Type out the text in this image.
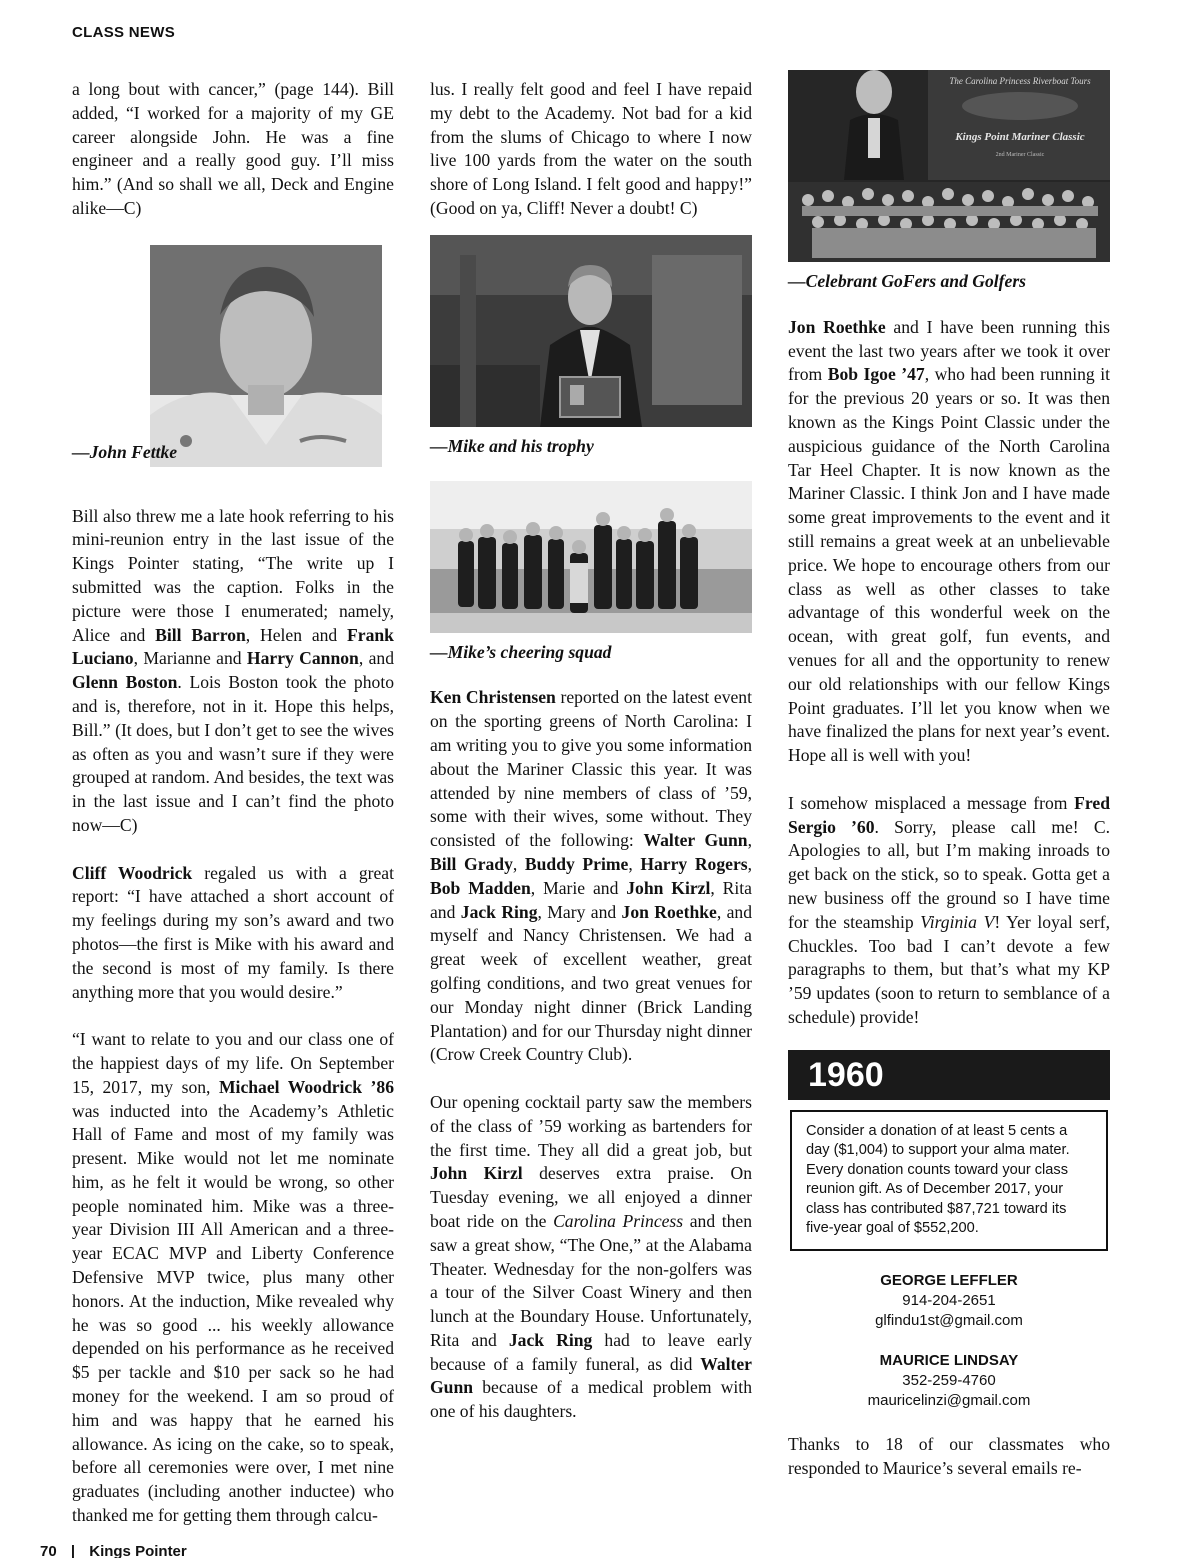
CLASS NEWS

a long bout with cancer,” (page 144). Bill added, “I worked for a majority of my GE career alongside John. He was a fine engineer and a really good guy. I’ll miss him.” (And so shall we all, Deck and Engine alike—C)

—John Fettke

Bill also threw me a late hook referring to his mini-reunion entry in the last issue of the Kings Pointer stating, “The write up I submitted was the caption. Folks in the picture were those I enumerated; namely, Alice and Bill Barron, Helen and Frank Luciano, Marianne and Harry Cannon, and Glenn Boston. Lois Boston took the photo and is, therefore, not in it. Hope this helps, Bill.” (It does, but I don’t get to see the wives as often as you and wasn’t sure if they were grouped at random. And besides, the text was in the last issue and I can’t find the photo now—C)

Cliff Woodrick regaled us with a great report: “I have attached a short account of my feelings during my son’s award and two photos—the first is Mike with his award and the second is most of my family. Is there anything more that you would desire.”

“I want to relate to you and our class one of the happiest days of my life. On September 15, 2017, my son, Michael Woodrick ’86 was inducted into the Academy’s Athletic Hall of Fame and most of my family was present. Mike would not let me nominate him, as he felt it would be wrong, so other people nominated him. Mike was a three-year Division III All American and a three-year ECAC MVP and Liberty Conference Defensive MVP twice, plus many other honors. At the induction, Mike revealed why he was so good ... his weekly allowance depended on his performance as he received $5 per tackle and $10 per sack so he had money for the weekend. I am so proud of him and was happy that he earned his allowance. As icing on the cake, so to speak, before all ceremonies were over, I met nine graduates (including another inductee) who thanked me for getting them through calcu-

lus. I really felt good and feel I have repaid my debt to the Academy. Not bad for a kid from the slums of Chicago to where I now live 100 yards from the water on the south shore of Long Island. I felt good and happy!” (Good on ya, Cliff! Never a doubt! C)

—Mike and his trophy
—Mike’s cheering squad

Ken Christensen reported on the latest event on the sporting greens of North Carolina: I am writing you to give you some information about the Mariner Classic this year. It was attended by nine members of class of ’59, some with their wives, some without. They consisted of the following: Walter Gunn, Bill Grady, Buddy Prime, Harry Rogers, Bob Madden, Marie and John Kirzl, Rita and Jack Ring, Mary and Jon Roethke, and myself and Nancy Christensen. We had a great week of excellent weather, great golfing conditions, and two great venues for our Monday night dinner (Brick Landing Plantation) and for our Thursday night dinner (Crow Creek Country Club).

Our opening cocktail party saw the members of the class of ’59 working as bartenders for the first time. They all did a great job, but John Kirzl deserves extra praise. On Tuesday evening, we all enjoyed a dinner boat ride on the Carolina Princess and then saw a great show, “The One,” at the Alabama Theater. Wednesday for the non-golfers was a tour of the Silver Coast Winery and then lunch at the Boundary House. Unfortunately, Rita and Jack Ring had to leave early because of a family funeral, as did Walter Gunn because of a medical problem with one of his daughters.

The Carolina Princess Riverboat Tours
Kings Point Mariner Classic
2nd Mariner Classic
—Celebrant GoFers and Golfers

Jon Roethke and I have been running this event the last two years after we took it over from Bob Igoe ’47, who had been running it for the previous 20 years or so. It was then known as the Kings Point Classic under the auspicious guidance of the North Carolina Tar Heel Chapter. It is now known as the Mariner Classic. I think Jon and I have made some great improvements to the event and it still remains a great week at an unbelievable price. We hope to encourage others from our class as well as other classes to take advantage of this wonderful week on the ocean, with great golf, fun events, and venues for all and the opportunity to renew our old relationships with our fellow Kings Point graduates. I’ll let you know when we have finalized the plans for next year’s event. Hope all is well with you!

I somehow misplaced a message from Fred Sergio ’60. Sorry, please call me! C. Apologies to all, but I’m making inroads to get back on the stick, so to speak. Gotta get a new business off the ground so I have time for the steamship Virginia V! Yer loyal serf, Chuckles. Too bad I can’t devote a few paragraphs to them, but that’s what my KP ’59 updates (soon to return to semblance of a schedule) provide!

1960
Consider a donation of at least 5 cents a day ($1,004) to support your alma mater. Every donation counts toward your class reunion gift. As of December 2017, your class has contributed $87,721 toward its five-year goal of $552,200.
GEORGE LEFFLER
914-204-2651
glfindu1st@gmail.com
MAURICE LINDSAY
352-259-4760
mauricelinzi@gmail.com

Thanks to 18 of our classmates who responded to Maurice’s several emails re-

70 | Kings Pointer
